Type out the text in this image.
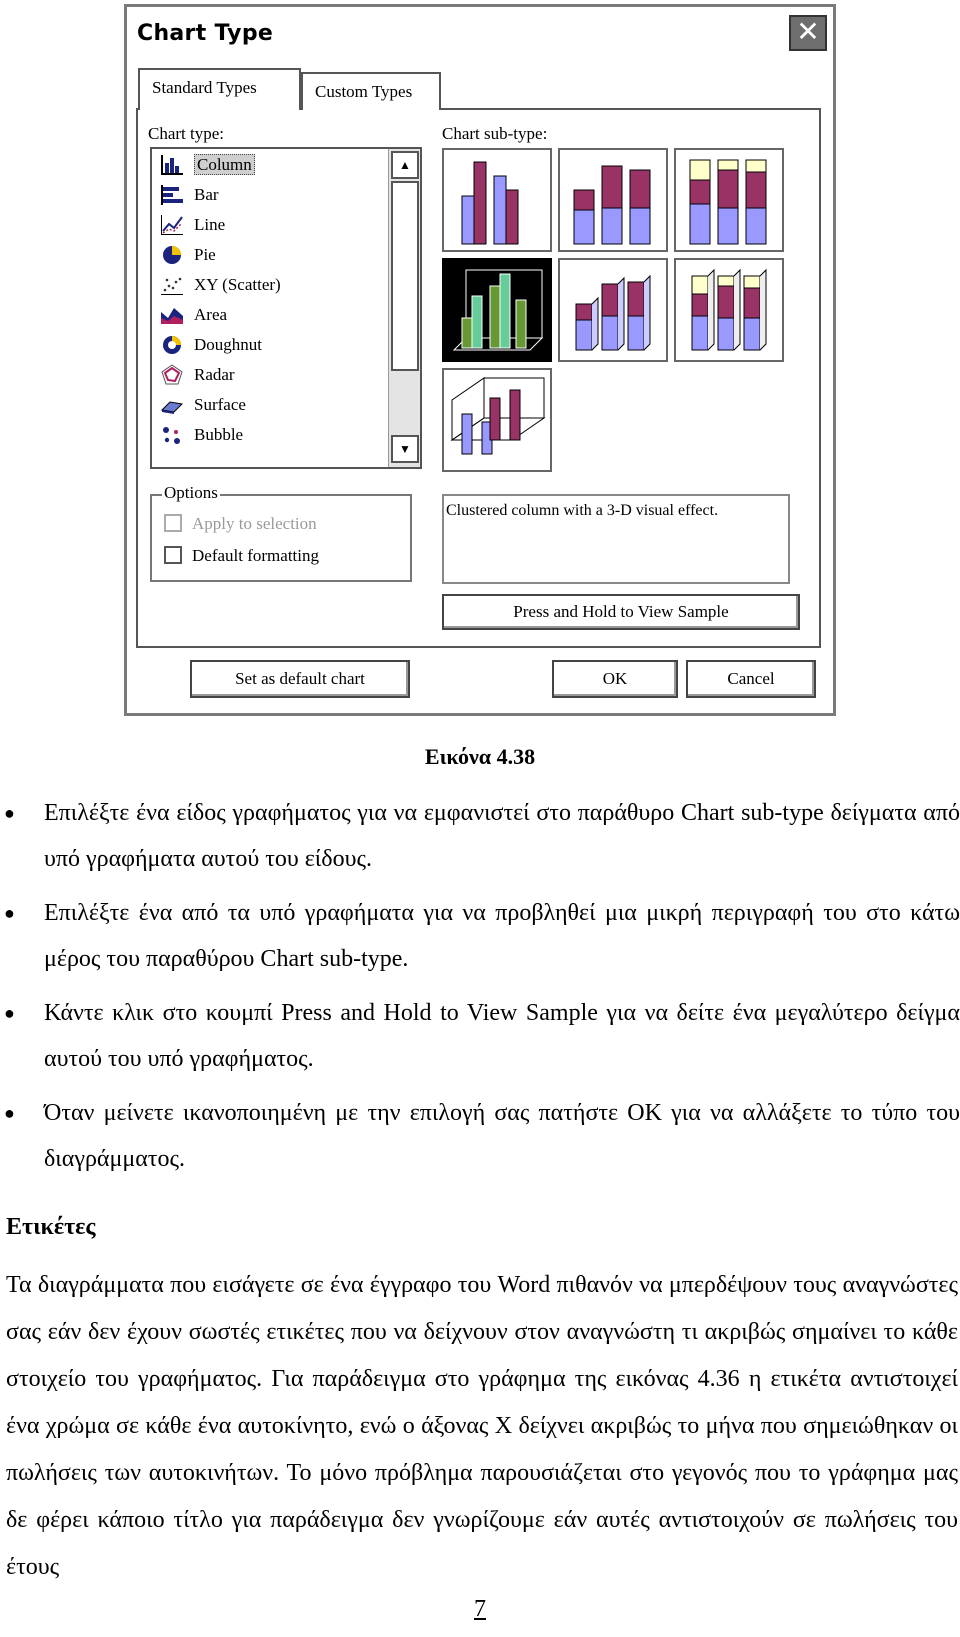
Chart Type	✕
Standard Types	Custom Types
Chart type:	Chart sub-type:
Column
Bar
Line
Pie
XY (Scatter)
Area
Doughnut
Radar
Surface
Bubble
▲
▼
Options
Apply to selection
Default formatting
Clustered column with a 3-D visual effect.
Press and Hold to View Sample
Set as default chart	OK	Cancel
Εικόνα 4.38
● Επιλέξτε ένα είδος γραφήματος για να εμφανιστεί στο παράθυρο Chart sub-type δείγματα από υπό γραφήματα αυτού του είδους.
● Επιλέξτε ένα από τα υπό γραφήματα για να προβληθεί μια μικρή περιγραφή του στο κάτω μέρος του παραθύρου Chart sub-type.
● Κάντε κλικ στο κουμπί Press and Hold to View Sample για να δείτε ένα μεγαλύτερο δείγμα αυτού του υπό γραφήματος.
● Όταν μείνετε ικανοποιημένη με την επιλογή σας πατήστε ΟΚ για να αλλάξετε το τύπο του διαγράμματος.
Ετικέτες
Τα διαγράμματα που εισάγετε σε ένα έγγραφο του Word πιθανόν να μπερδέψουν τους αναγνώστες σας εάν δεν έχουν σωστές ετικέτες που να δείχνουν στον αναγνώστη τι ακριβώς σημαίνει το κάθε στοιχείο του γραφήματος. Για παράδειγμα στο γράφημα της εικόνας 4.36 η ετικέτα αντιστοιχεί ένα χρώμα σε κάθε ένα αυτοκίνητο, ενώ ο άξονας Χ δείχνει ακριβώς το μήνα που σημειώθηκαν οι πωλήσεις των αυτοκινήτων. Το μόνο πρόβλημα παρουσιάζεται στο γεγονός που το γράφημα μας δε φέρει κάποιο τίτλο για παράδειγμα δεν γνωρίζουμε εάν αυτές αντιστοιχούν σε πωλήσεις του έτους
7
